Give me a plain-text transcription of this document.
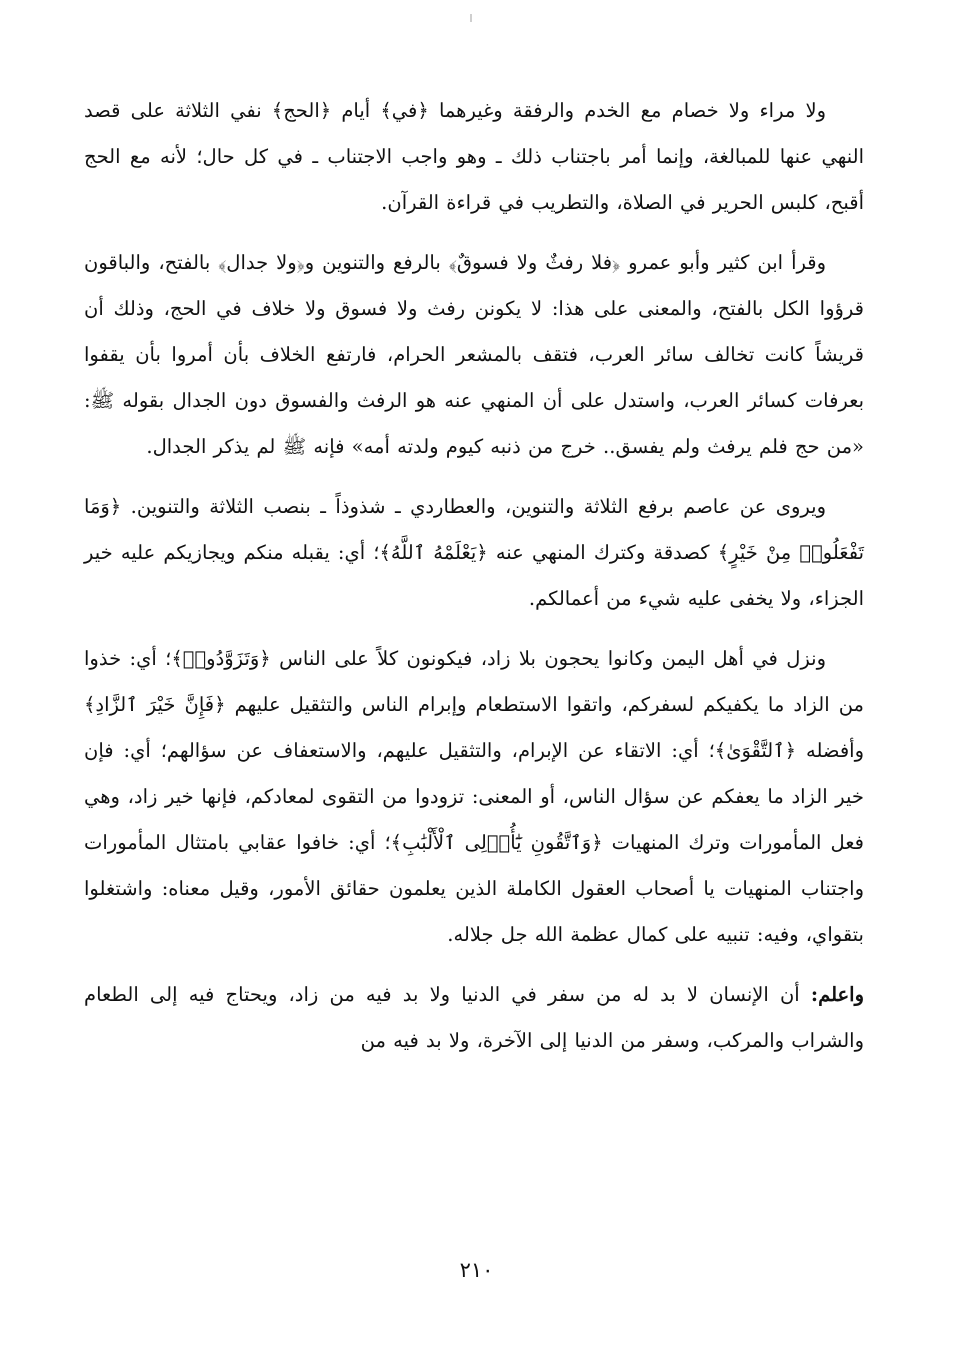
ولا مراء ولا خصام مع الخدم والرفقة وغيرهما ﴿في﴾ أيام ﴿الحج﴾ نفي الثلاثة على قصد النهي عنها للمبالغة، وإنما أمر باجتناب ذلك ـ وهو واجب الاجتناب ـ في كل حال؛ لأنه مع الحج أقبح، كلبس الحرير في الصلاة، والتطريب في قراءة القرآن.

وقرأ ابن كثير وأبو عمرو ﴿فلا رفثٌ ولا فسوقٌ﴾ بالرفع والتنوين و﴿ولا جدال﴾ بالفتح، والباقون قرؤوا الكل بالفتح، والمعنى على هذا: لا يكونن رفث ولا فسوق ولا خلاف في الحج، وذلك أن قريشاً كانت تخالف سائر العرب، فتقف بالمشعر الحرام، فارتفع الخلاف بأن أمروا بأن يقفوا بعرفات كسائر العرب، واستدل على أن المنهي عنه هو الرفث والفسوق دون الجدال بقوله ﷺ: «من حج فلم يرفث ولم يفسق.. خرج من ذنبه كيوم ولدته أمه» فإنه ﷺ لم يذكر الجدال.

ويروى عن عاصم برفع الثلاثة والتنوين، والعطاردي ـ شذوذاً ـ بنصب الثلاثة والتنوين. ﴿وَمَا تَفْعَلُوا۟ مِنْ خَيْرٍ﴾ كصدقة وكترك المنهي عنه ﴿يَعْلَمْهُ ٱللَّهُ﴾؛ أي: يقبله منكم ويجازيكم عليه خير الجزاء، ولا يخفى عليه شيء من أعمالكم.

ونزل في أهل اليمن وكانوا يحجون بلا زاد، فيكونون كلاً على الناس ﴿وَتَزَوَّدُوا۟﴾؛ أي: خذوا من الزاد ما يكفيكم لسفركم، واتقوا الاستطعام وإبرام الناس والتثقيل عليهم ﴿فَإِنَّ خَيْرَ ٱلزَّادِ﴾ وأفضله ﴿ٱلتَّقْوَىٰ﴾؛ أي: الاتقاء عن الإبرام، والتثقيل عليهم، والاستعفاف عن سؤالهم؛ أي: فإن خير الزاد ما يعفكم عن سؤال الناس، أو المعنى: تزودوا من التقوى لمعادكم، فإنها خير زاد، وهي فعل المأمورات وترك المنهيات ﴿وَٱتَّقُونِ يَٰٓأُو۟لِى ٱلْأَلْبَٰبِ﴾؛ أي: خافوا عقابي بامتثال المأمورات واجتناب المنهيات يا أصحاب العقول الكاملة الذين يعلمون حقائق الأمور، وقيل معناه: واشتغلوا بتقواي، وفيه: تنبيه على كمال عظمة الله جل جلاله.

واعلم: أن الإنسان لا بد له من سفر في الدنيا ولا بد فيه من زاد، ويحتاج فيه إلى الطعام والشراب والمركب، وسفر من الدنيا إلى الآخرة، ولا بد فيه من

٢١٠
